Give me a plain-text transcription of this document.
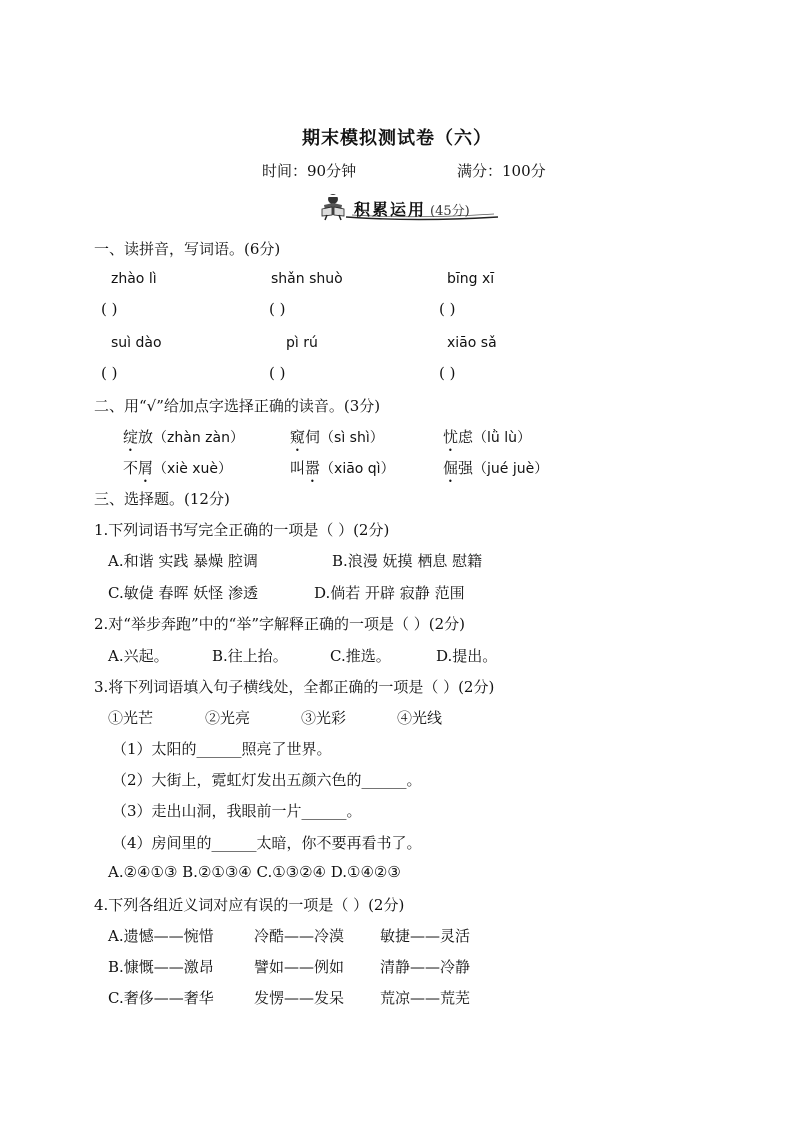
期末模拟测试卷（六）
时间：90分钟	满分：100分
积累运用 (45分)
一、读拼音，写词语。(6分)
zhào lì	shǎn shuò	bīng xī
( )	( )	( )
suì dào	pì rú	xiāo sǎ
( )	( )	( )
二、用“√”给加点字选择正确的读音。(3分)
绽放（zhàn zàn）	窥伺（sì shì）	忧虑（lǜ lù）
不屑（xiè xuè）	叫嚣（xiāo qì）	倔强（jué juè）
三、选择题。(12分)
1.下列词语书写完全正确的一项是（ ）(2分)
A.和谐 实践 暴燥 腔调	B.浪漫 妩摸 栖息 慰籍
C.敏偼 春晖 妖怪 渗透	D.倘若 开辟 寂静 范围
2.对“举步奔跑”中的“举”字解释正确的一项是（ ）(2分)
A.兴起。	B.往上抬。	C.推选。	D.提出。
3.将下列词语填入句子横线处，全都正确的一项是（ ）(2分)
①光芒	②光亮	③光彩	④光线
（1）太阳的______照亮了世界。
（2）大街上，霓虹灯发出五颜六色的______。
（3）走出山洞，我眼前一片______。
（4）房间里的______太暗，你不要再看书了。
A.②④①③ B.②①③④ C.①③②④ D.①④②③
4.下列各组近义词对应有误的一项是（ ）(2分)
A.遗憾——惋惜	冷酷——冷漠 敏捷——灵活
B.慷慨——激昂	譬如——例如 清静——冷静
C.奢侈——奢华	发愣——发呆 荒凉——荒芜
